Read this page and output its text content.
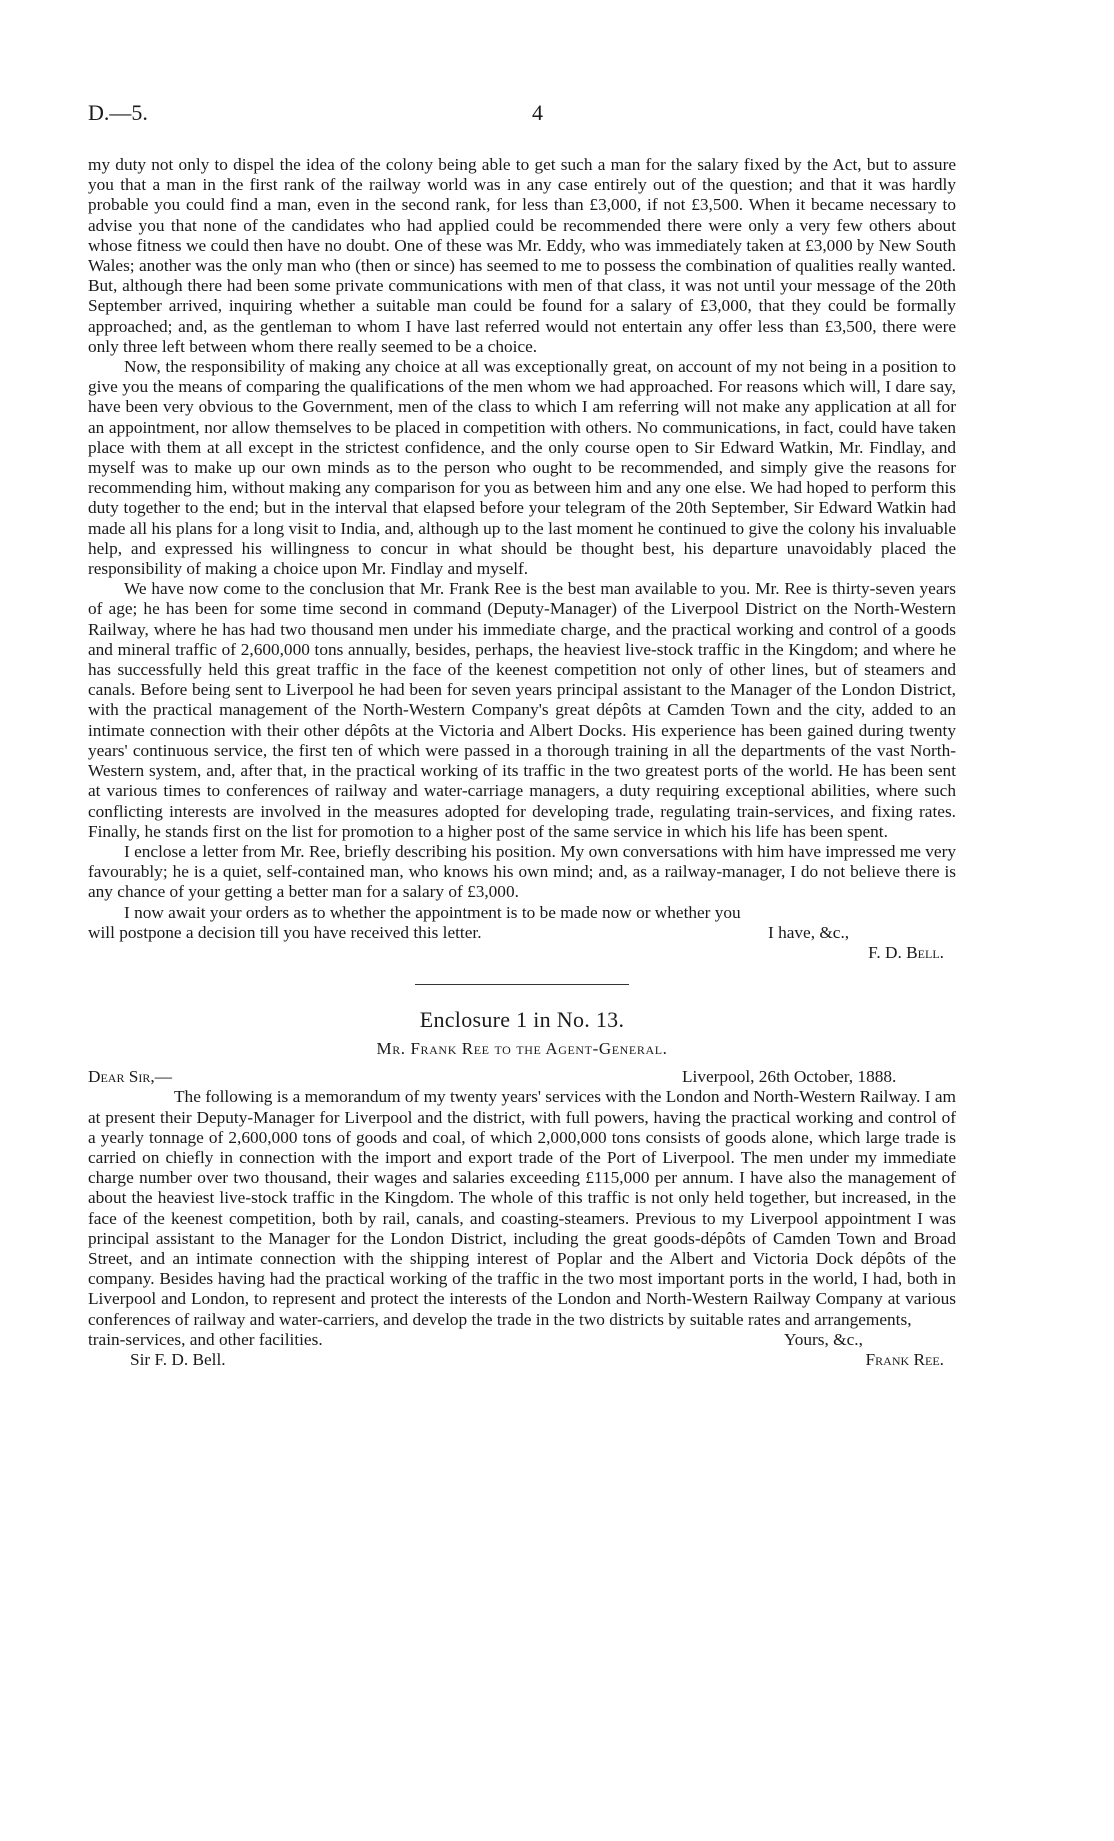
D.—5.	4

my duty not only to dispel the idea of the colony being able to get such a man for the salary fixed by the Act, but to assure you that a man in the first rank of the railway world was in any case entirely out of the question; and that it was hardly probable you could find a man, even in the second rank, for less than £3,000, if not £3,500. When it became necessary to advise you that none of the candidates who had applied could be recommended there were only a very few others about whose fitness we could then have no doubt. One of these was Mr. Eddy, who was immediately taken at £3,000 by New South Wales; another was the only man who (then or since) has seemed to me to possess the combination of qualities really wanted. But, although there had been some private communications with men of that class, it was not until your message of the 20th September arrived, inquiring whether a suitable man could be found for a salary of £3,000, that they could be formally approached; and, as the gentleman to whom I have last referred would not entertain any offer less than £3,500, there were only three left between whom there really seemed to be a choice.

Now, the responsibility of making any choice at all was exceptionally great, on account of my not being in a position to give you the means of comparing the qualifications of the men whom we had approached. For reasons which will, I dare say, have been very obvious to the Government, men of the class to which I am referring will not make any application at all for an appointment, nor allow themselves to be placed in competition with others. No communications, in fact, could have taken place with them at all except in the strictest confidence, and the only course open to Sir Edward Watkin, Mr. Findlay, and myself was to make up our own minds as to the person who ought to be recommended, and simply give the reasons for recommending him, without making any comparison for you as between him and any one else. We had hoped to perform this duty together to the end; but in the interval that elapsed before your telegram of the 20th September, Sir Edward Watkin had made all his plans for a long visit to India, and, although up to the last moment he continued to give the colony his invaluable help, and expressed his willingness to concur in what should be thought best, his departure unavoidably placed the responsibility of making a choice upon Mr. Findlay and myself.

We have now come to the conclusion that Mr. Frank Ree is the best man available to you. Mr. Ree is thirty-seven years of age; he has been for some time second in command (Deputy-Manager) of the Liverpool District on the North-Western Railway, where he has had two thousand men under his immediate charge, and the practical working and control of a goods and mineral traffic of 2,600,000 tons annually, besides, perhaps, the heaviest live-stock traffic in the Kingdom; and where he has successfully held this great traffic in the face of the keenest competition not only of other lines, but of steamers and canals. Before being sent to Liverpool he had been for seven years principal assistant to the Manager of the London District, with the practical management of the North-Western Company's great dépôts at Camden Town and the city, added to an intimate connection with their other dépôts at the Victoria and Albert Docks. His experience has been gained during twenty years' continuous service, the first ten of which were passed in a thorough training in all the departments of the vast North-Western system, and, after that, in the practical working of its traffic in the two greatest ports of the world. He has been sent at various times to conferences of railway and water-carriage managers, a duty requiring exceptional abilities, where such conflicting interests are involved in the measures adopted for developing trade, regulating train-services, and fixing rates. Finally, he stands first on the list for promotion to a higher post of the same service in which his life has been spent.

I enclose a letter from Mr. Ree, briefly describing his position. My own conversations with him have impressed me very favourably; he is a quiet, self-contained man, who knows his own mind; and, as a railway-manager, I do not believe there is any chance of your getting a better man for a salary of £3,000.

I now await your orders as to whether the appointment is to be made now or whether you

will postpone a decision till you have received this letter.	I have, &c.,
F. D. Bell.
Enclosure 1 in No. 13.
Mr. Frank Ree to the Agent-General.
Dear Sir,—	Liverpool, 26th October, 1888.

The following is a memorandum of my twenty years' services with the London and North-Western Railway. I am at present their Deputy-Manager for Liverpool and the district, with full powers, having the practical working and control of a yearly tonnage of 2,600,000 tons of goods and coal, of which 2,000,000 tons consists of goods alone, which large trade is carried on chiefly in connection with the import and export trade of the Port of Liverpool. The men under my immediate charge number over two thousand, their wages and salaries exceeding £115,000 per annum. I have also the management of about the heaviest live-stock traffic in the Kingdom. The whole of this traffic is not only held together, but increased, in the face of the keenest competition, both by rail, canals, and coasting-steamers. Previous to my Liverpool appointment I was principal assistant to the Manager for the London District, including the great goods-dépôts of Camden Town and Broad Street, and an intimate connection with the shipping interest of Poplar and the Albert and Victoria Dock dépôts of the company. Besides having had the practical working of the traffic in the two most important ports in the world, I had, both in Liverpool and London, to represent and protect the interests of the London and North-Western Railway Company at various conferences of railway and water-carriers, and develop the trade in the two districts by suitable rates and arrangements,

train-services, and other facilities.	Yours, &c.,
Sir F. D. Bell.	Frank Ree.
